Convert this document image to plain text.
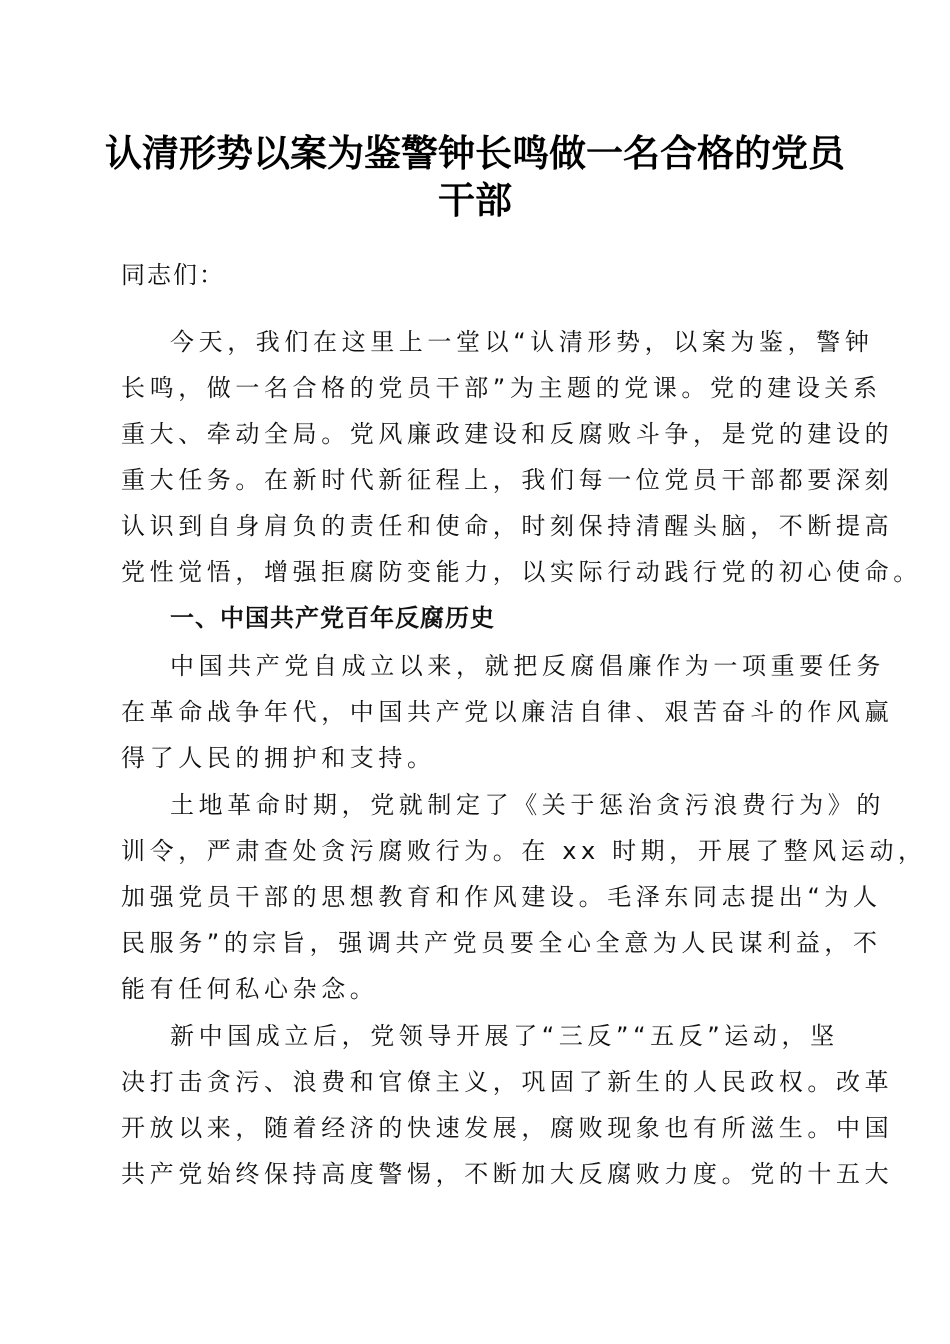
认清形势以案为鉴警钟长鸣做一名合格的党员
干部
同志们：
今天，我们在这里上一堂以“认清形势，以案为鉴，警钟
长鸣，做一名合格的党员干部”为主题的党课。党的建设关系
重大、牵动全局。党风廉政建设和反腐败斗争，是党的建设的
重大任务。在新时代新征程上，我们每一位党员干部都要深刻
认识到自身肩负的责任和使命，时刻保持清醒头脑，不断提高
党性觉悟，增强拒腐防变能力，以实际行动践行党的初心使命。
一、中国共产党百年反腐历史
中国共产党自成立以来，就把反腐倡廉作为一项重要任务
在革命战争年代，中国共产党以廉洁自律、艰苦奋斗的作风赢
得了人民的拥护和支持。
土地革命时期，党就制定了《关于惩治贪污浪费行为》的
训令，严肃查处贪污腐败行为。在 xx 时期，开展了整风运动，
加强党员干部的思想教育和作风建设。毛泽东同志提出“为人
民服务”的宗旨，强调共产党员要全心全意为人民谋利益，不
能有任何私心杂念。
新中国成立后，党领导开展了“三反”“五反”运动，坚
决打击贪污、浪费和官僚主义，巩固了新生的人民政权。改革
开放以来，随着经济的快速发展，腐败现象也有所滋生。中国
共产党始终保持高度警惕，不断加大反腐败力度。党的十五大
